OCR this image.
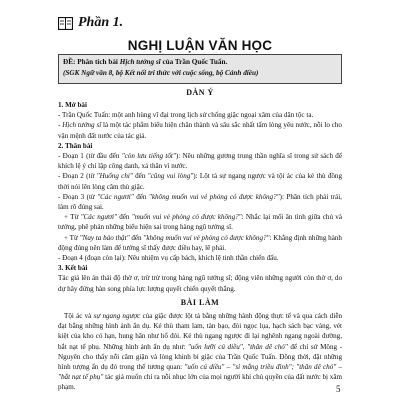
Phần 1.
NGHỊ LUẬN VĂN HỌC
ĐỀ: Phân tích bài Hịch tướng sĩ của Trần Quốc Tuấn.
(SGK Ngữ văn 8, bộ Kết nối tri thức với cuộc sống, bộ Cánh diều)
DÀN Ý

1. Mở bài

- Trần Quốc Tuấn: một anh hùng vĩ đại trong lịch sử chống giặc ngoại xâm của dân tộc ta.

- Hịch tướng sĩ là một tác phẩm biểu hiện chân thành và sâu sắc nhất tấm lòng yêu nước, nỗi lo cho vận mệnh đất nước của tác giả.

2. Thân bài

- Đoạn 1 (từ đầu đến "còn lưu tiếng tốt"): Nêu những gương trung thần nghĩa sĩ trong sử sách để khích lệ ý chí lập công danh, xả thân vì nước.

- Đoạn 2 (từ "Huống chi" đến "cũng vui lòng"): Lột tả sự ngang ngược và tội ác của kẻ thù đồng thời nói lên lòng căm thù giặc.

- Đoạn 3 (từ "Các ngươi" đến "không muốn vui vẻ phỏng có được không?"): Phân tích phải trái, làm rõ đúng sai.

+ Từ "Các ngươi" đến "muốn vui vẻ phỏng có được không?": Nhắc lại mối ân tình giữa chủ và tướng, phê phán những biểu hiện sai trong hàng ngũ tướng sĩ.

+ Từ "Nay ta bảo thật" đến "không muốn vui vẻ phỏng có được không?": Khẳng định những hành động đúng nên làm để tướng sĩ thấy được điều hay, lẽ phải.

- Đoạn 4 (đoạn còn lại): Nêu nhiệm vụ cấp bách, khích lệ tinh thần chiến đấu.

3. Kết bài

Tác giả lên án thái độ thờ ơ, trừ trừ trong hàng ngũ tướng sĩ; động viên những người còn thờ ơ, do dự hãy đứng hàn song phía lực lượng quyết chiến quyết thắng.

BÀI LÀM

Tội ác và sự ngang ngược của giặc được lột tả bằng những hành động thực tế và qua cách diễn đạt bằng những hình ảnh ẩn dụ. Kẻ thù tham lam, tàn bạo, đòi ngọc lụa, hạch sách bạc vàng, vét kiệt của kho có hạn, hung hãn như hổ đói. Kẻ thù ngang ngược đi lại nghênh ngang ngoài đường, bắt nạt tể phụ. Những hình ảnh ẩn dụ như: "uốn lưỡi cú diều", "thân dê chó" để chỉ sứ Mông - Nguyên cho thấy nỗi căm giận và lòng khinh bỉ giặc của Trần Quốc Tuấn. Đồng thời, đặt những hình tượng ấn dụ đó trong thế tương quan: "uốn cú diều" – "sỉ mắng triều đình"; "thân dê chó" – "bắt nạt tể phụ" tác giả muốn chỉ ra nỗi nhục lớn của mọi người khi chủ quyền của đất nước bị xâm phạm.	5
